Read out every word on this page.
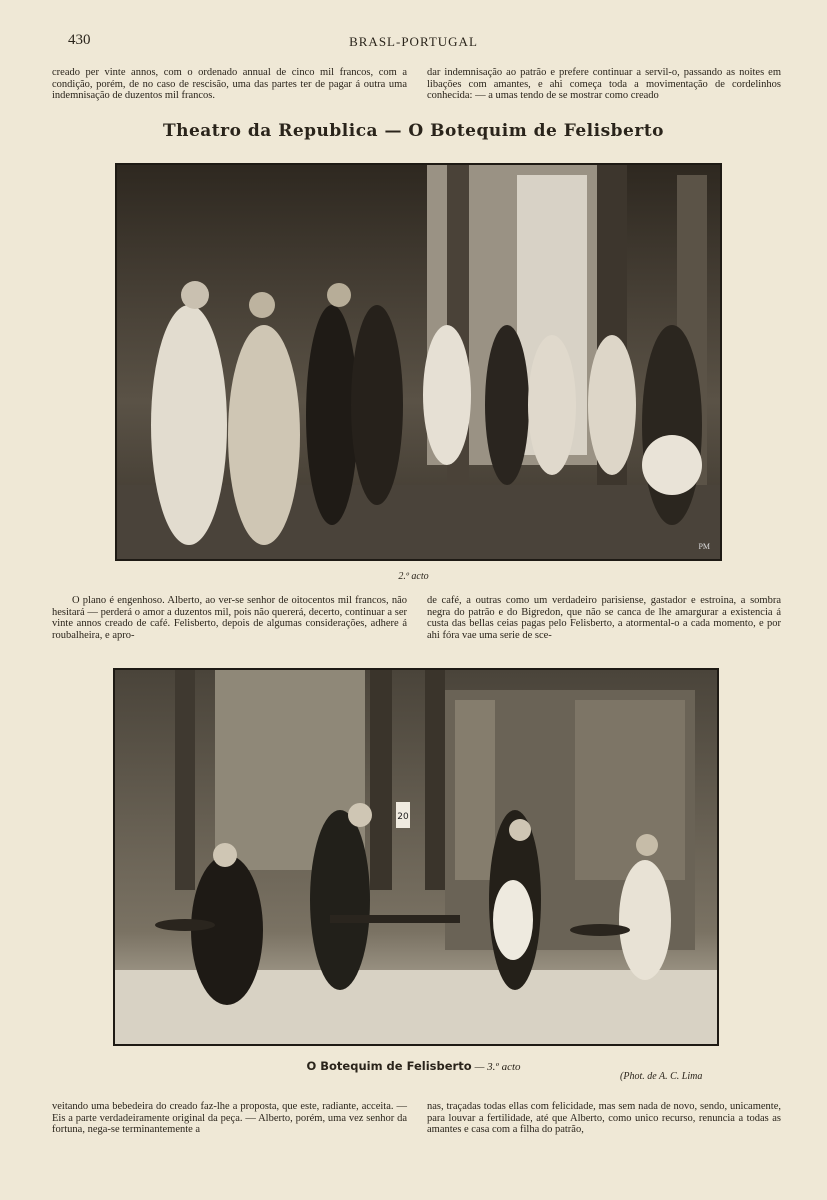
430	BRASL-PORTUGAL

creado per vinte annos, com o ordenado annual de cinco mil francos, com a condição, porém, de no caso de rescisão, uma das partes ter de pagar á outra uma indemnisação de duzentos mil francos.

dar indemnisação ao patrão e prefere continuar a servil-o, passando as noites em libações com amantes, e ahi começa toda a movimentação de cordelinhos conhecida: — a umas tendo de se mostrar como creado

Theatro da Republica — O Botequim de Felisberto
PM
2.º acto

O plano é engenhoso. Alberto, ao ver-se senhor de oitocentos mil francos, não hesitará — perderá o amor a duzentos mil, pois não quererá, decerto, continuar a ser vinte annos creado de café. Felisberto, depois de algumas considerações, adhere á roubalheira, e apro-

de café, a outras como um verdadeiro parisiense, gastador e estroina, a sombra negra do patrão e do Bigredon, que não se canca de lhe amargurar a existencia á custa das bellas ceias pagas pelo Felisberto, a atormental-o a cada momento, e por ahi fóra vae uma serie de sce-

20
O Botequim de Felisberto — 3.º acto
(Phot. de A. C. Lima

veitando uma bebedeira do creado faz-lhe a proposta, que este, radiante, acceita. — Eis a parte verdadeiramente original da peça. — Alberto, porém, uma vez senhor da fortuna, nega-se terminantemente a

nas, traçadas todas ellas com felicidade, mas sem nada de novo, sendo, unicamente, para louvar a fertilidade, até que Alberto, como unico recurso, renuncia a todas as amantes e casa com a filha do patrão,
